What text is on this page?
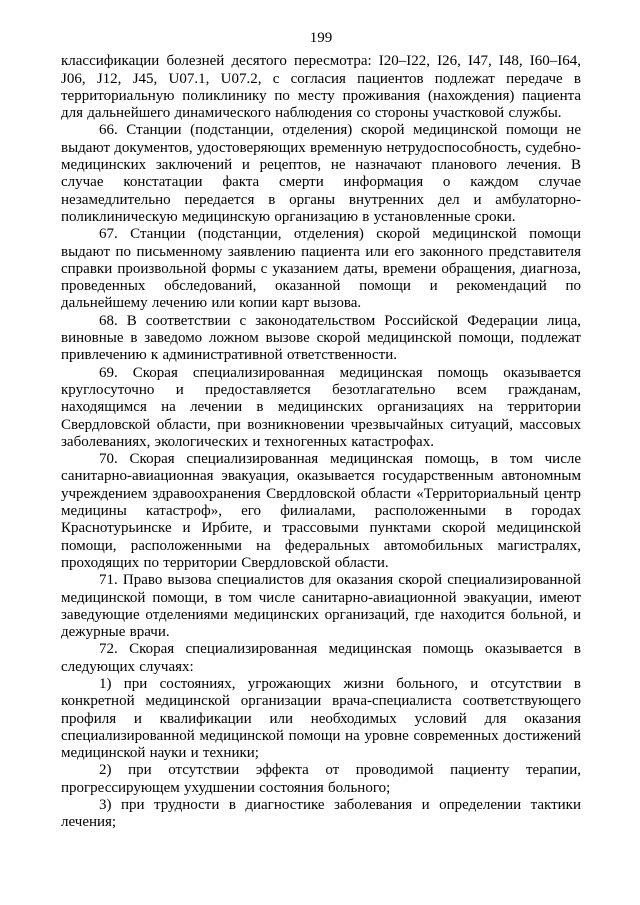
199

классификации болезней десятого пересмотра: I20–I22, I26, I47, I48, I60–I64, J06, J12, J45, U07.1, U07.2, с согласия пациентов подлежат передаче в территориальную поликлинику по месту проживания (нахождения) пациента для дальнейшего динамического наблюдения со стороны участковой службы.

66. Станции (подстанции, отделения) скорой медицинской помощи не выдают документов, удостоверяющих временную нетрудоспособность, судебно-медицинских заключений и рецептов, не назначают планового лечения. В случае констатации факта смерти информация о каждом случае незамедлительно передается в органы внутренних дел и амбулаторно-поликлиническую медицинскую организацию в установленные сроки.

67. Станции (подстанции, отделения) скорой медицинской помощи выдают по письменному заявлению пациента или его законного представителя справки произвольной формы с указанием даты, времени обращения, диагноза, проведенных обследований, оказанной помощи и рекомендаций по дальнейшему лечению или копии карт вызова.

68. В соответствии с законодательством Российской Федерации лица, виновные в заведомо ложном вызове скорой медицинской помощи, подлежат привлечению к административной ответственности.

69. Скорая специализированная медицинская помощь оказывается круглосуточно и предоставляется безотлагательно всем гражданам, находящимся на лечении в медицинских организациях на территории Свердловской области, при возникновении чрезвычайных ситуаций, массовых заболеваниях, экологических и техногенных катастрофах.

70. Скорая специализированная медицинская помощь, в том числе санитарно-авиационная эвакуация, оказывается государственным автономным учреждением здравоохранения Свердловской области «Территориальный центр медицины катастроф», его филиалами, расположенными в городах Краснотурьинске и Ирбите, и трассовыми пунктами скорой медицинской помощи, расположенными на федеральных автомобильных магистралях, проходящих по территории Свердловской области.

71. Право вызова специалистов для оказания скорой специализированной медицинской помощи, в том числе санитарно-авиационной эвакуации, имеют заведующие отделениями медицинских организаций, где находится больной, и дежурные врачи.

72. Скорая специализированная медицинская помощь оказывается в следующих случаях:

1) при состояниях, угрожающих жизни больного, и отсутствии в конкретной медицинской организации врача-специалиста соответствующего профиля и квалификации или необходимых условий для оказания специализированной медицинской помощи на уровне современных достижений медицинской науки и техники;

2) при отсутствии эффекта от проводимой пациенту терапии, прогрессирующем ухудшении состояния больного;

3) при трудности в диагностике заболевания и определении тактики лечения;
